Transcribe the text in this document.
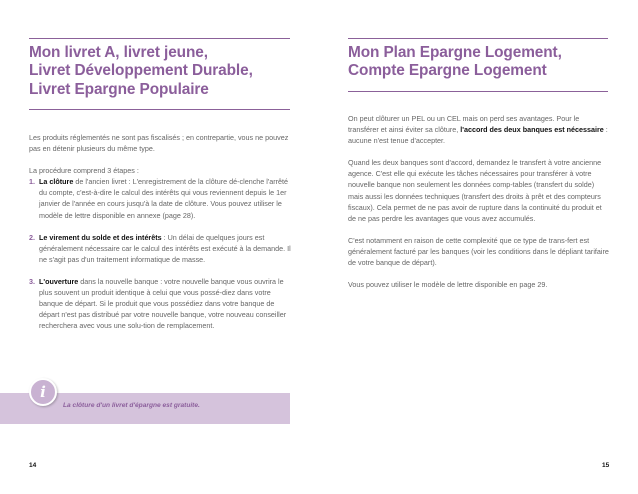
Mon livret A, livret jeune,
Livret Développement Durable,
Livret Epargne Populaire

Les produits réglementés ne sont pas fiscalisés ; en contrepartie, vous ne pouvez pas en détenir plusieurs du même type.

La procédure comprend 3 étapes :

1. La clôture de l'ancien livret : L'enregistrement de la clôture dé-clenche l'arrêté du compte, c'est-à-dire le calcul des intérêts qui vous reviennent depuis le 1er janvier de l'année en cours jusqu'à la date de clôture. Vous pouvez utiliser le modèle de lettre disponible en annexe (page 28).
2. Le virement du solde et des intérêts : Un délai de quelques jours est généralement nécessaire car le calcul des intérêts est exécuté à la demande. Il ne s'agit pas d'un traitement informatique de masse.
3. L'ouverture dans la nouvelle banque : votre nouvelle banque vous ouvrira le plus souvent un produit identique à celui que vous possé-diez dans votre banque de départ. Si le produit que vous possédiez dans votre banque de départ n'est pas distribué par votre nouvelle banque, votre nouveau conseiller recherchera avec vous une solu-tion de remplacement.
i
La clôture d'un livret d'épargne est gratuite.
14
Mon Plan Epargne Logement,
Compte Epargne Logement

On peut clôturer un PEL ou un CEL mais on perd ses avantages. Pour le transférer et ainsi éviter sa clôture, l'accord des deux banques est nécessaire : aucune n'est tenue d'accepter.

Quand les deux banques sont d'accord, demandez le transfert à votre ancienne agence. C'est elle qui exécute les tâches nécessaires pour transférer à votre nouvelle banque non seulement les données comp-tables (transfert du solde) mais aussi les données techniques (transfert des droits à prêt et des compteurs fiscaux). Cela permet de ne pas avoir de rupture dans la continuité du produit et de ne pas perdre les avantages que vous avez accumulés.

C'est notamment en raison de cette complexité que ce type de trans-fert est généralement facturé par les banques (voir les conditions dans le dépliant tarifaire de votre banque de départ).

Vous pouvez utiliser le modèle de lettre disponible en page 29.

15
